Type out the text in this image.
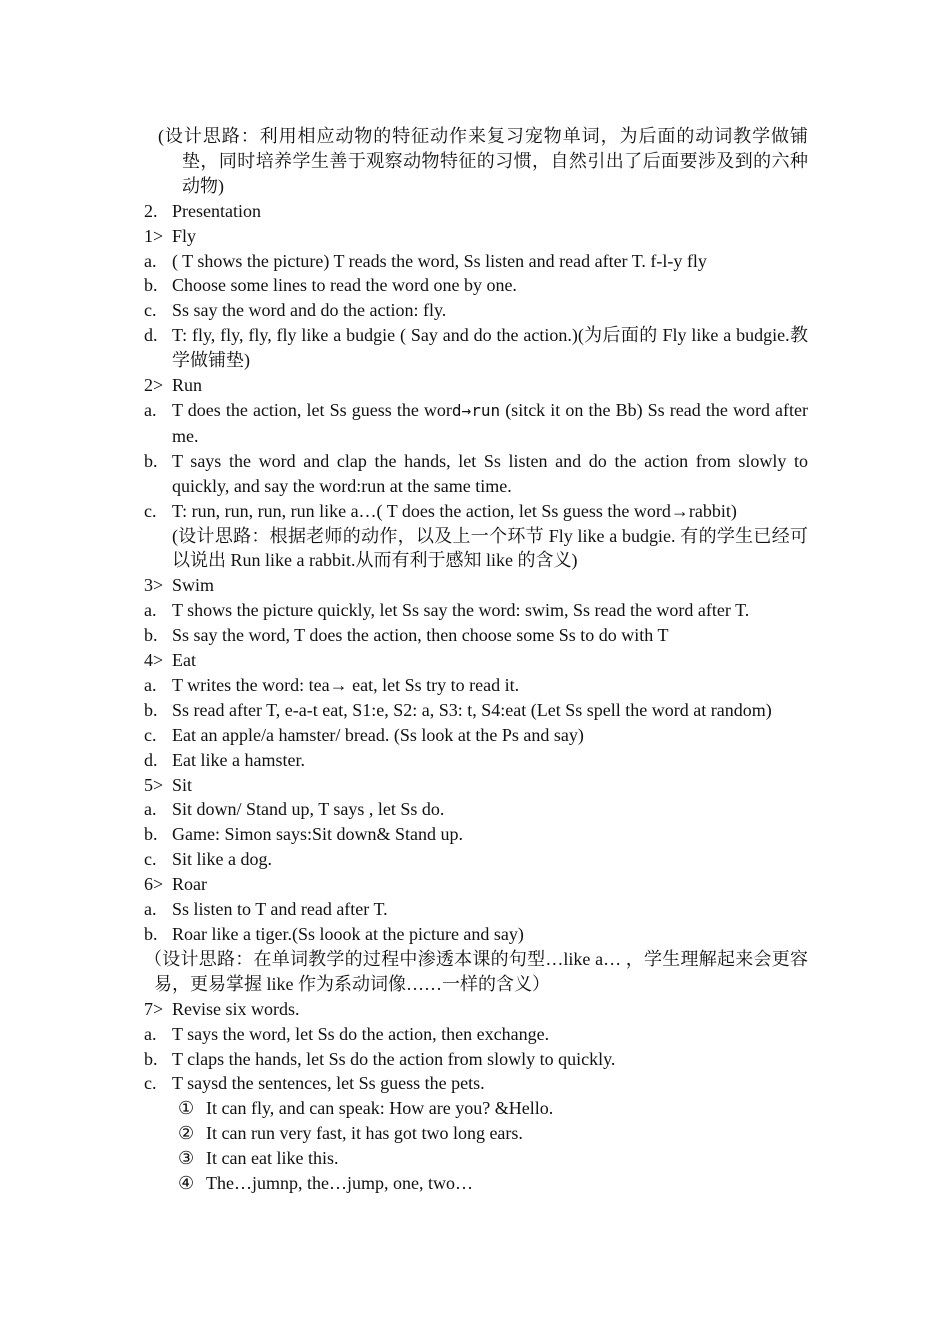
(设计思路：利用相应动物的特征动作来复习宠物单词，为后面的动词教学做铺垫，同时培养学生善于观察动物特征的习惯，自然引出了后面要涉及到的六种动物)
2. Presentation
1> Fly
a. ( T shows the picture) T reads the word, Ss listen and read after T. f-l-y fly
b. Choose some lines to read the word one by one.
c. Ss say the word and do the action: fly.
d. T: fly, fly, fly, fly like a budgie ( Say and do the action.)(为后面的 Fly like a budgie.教学做铺垫)
2> Run
a. T does the action, let Ss guess the word→run (sitck it on the Bb) Ss read the word after me.
b. T says the word and clap the hands, let Ss listen and do the action from slowly to quickly, and say the word:run at the same time.
c. T: run, run, run, run like a…( T does the action, let Ss guess the word→rabbit)
(设计思路：根据老师的动作，以及上一个环节 Fly like a budgie. 有的学生已经可以说出 Run like a rabbit.从而有利于感知 like 的含义)
3> Swim
a. T shows the picture quickly, let Ss say the word: swim, Ss read the word after T.
b. Ss say the word, T does the action, then choose some Ss to do with T
4> Eat
a. T writes the word: tea→ eat, let Ss try to read it.
b. Ss read after T, e-a-t eat, S1:e, S2: a, S3: t, S4:eat (Let Ss spell the word at random)
c. Eat an apple/a hamster/ bread. (Ss look at the Ps and say)
d. Eat like a hamster.
5> Sit
a. Sit down/ Stand up, T says , let Ss do.
b. Game: Simon says:Sit down& Stand up.
c. Sit like a dog.
6> Roar
a. Ss listen to T and read after T.
b. Roar like a tiger.(Ss loook at the picture and say)
（设计思路：在单词教学的过程中渗透本课的句型…like a… ，学生理解起来会更容易，更易掌握 like 作为系动词像……一样的含义）
7> Revise six words.
a. T says the word, let Ss do the action, then exchange.
b. T claps the hands, let Ss do the action from slowly to quickly.
c. T saysd the sentences, let Ss guess the pets.
① It can fly, and can speak: How are you? &Hello.
② It can run very fast, it has got two long ears.
③ It can eat like this.
④ The…jumnp, the…jump, one, two…
